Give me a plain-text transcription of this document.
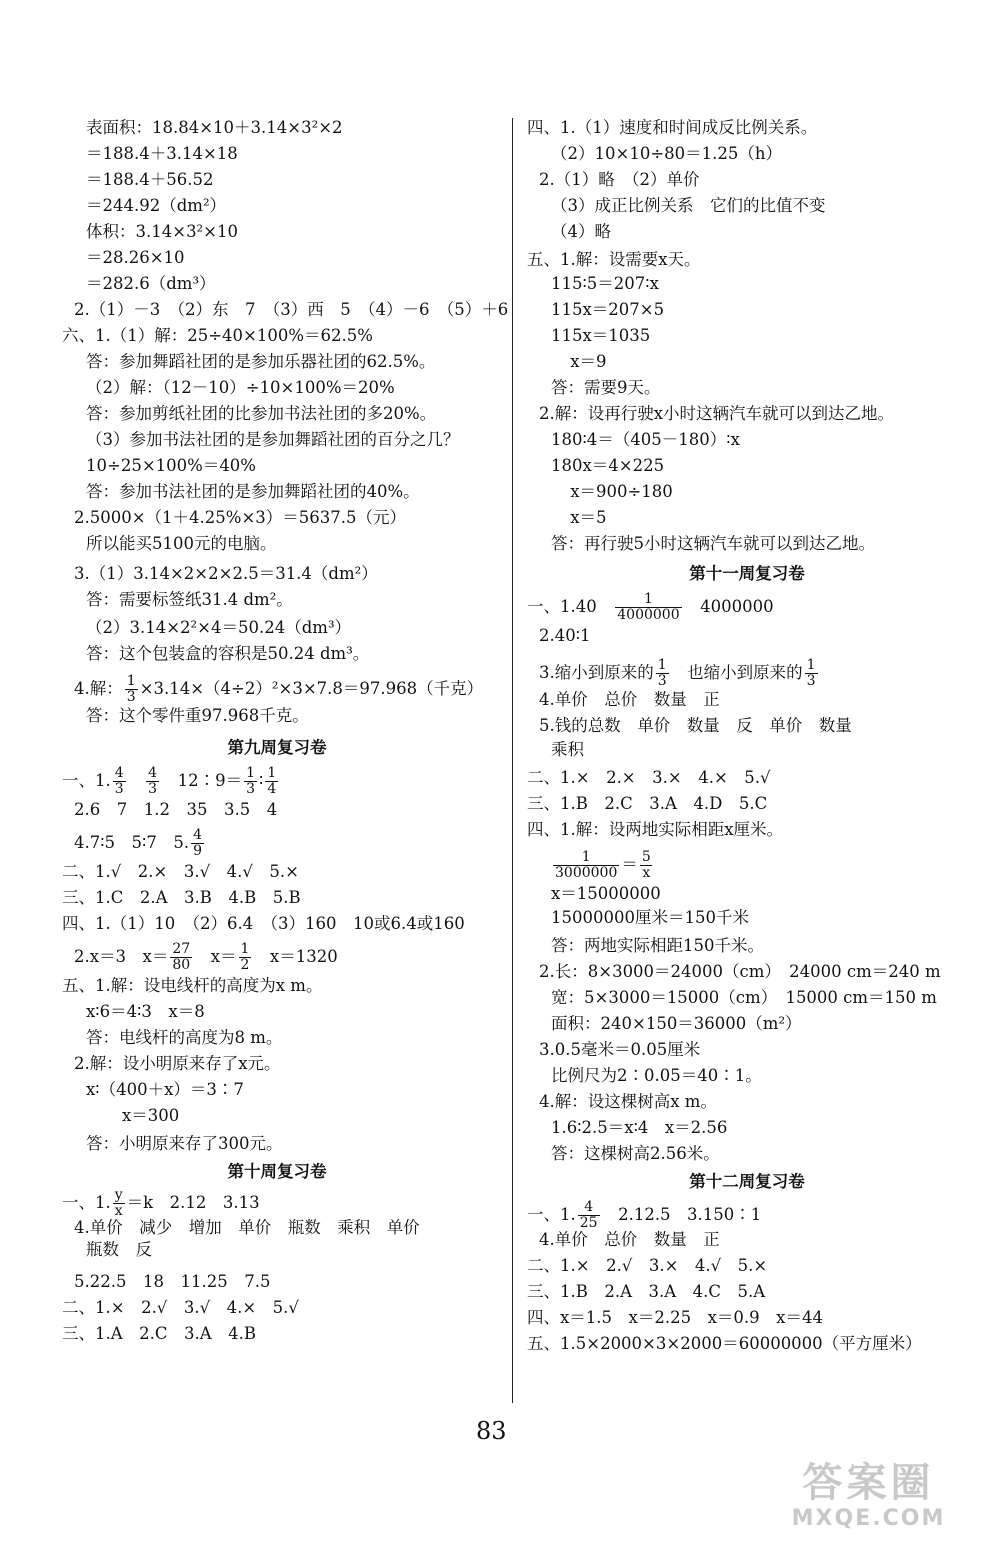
表面积：18.84×10＋3.14×3²×2
＝188.4＋3.14×18
＝188.4＋56.52
＝244.92（dm²）
体积：3.14×3²×10
＝28.26×10
＝282.6（dm³）
2.（1）－3　（2）东　7　（3）西　5　（4）－6　（5）＋6
六、1.（1）解：25÷40×100%＝62.5%
答：参加舞蹈社团的是参加乐器社团的62.5%。
（2）解：（12－10）÷10×100%＝20%
答：参加剪纸社团的比参加书法社团的多20%。
（3）参加书法社团的是参加舞蹈社团的百分之几？
10÷25×100%＝40%
答：参加书法社团的是参加舞蹈社团的40%。
2.5000×（1＋4.25%×3）＝5637.5（元）
所以能买5100元的电脑。
3.（1）3.14×2×2×2.5＝31.4（dm²）
答：需要标签纸31.4 dm²。
（2）3.14×2²×4＝50.24（dm³）
答：这个包装盒的容积是50.24 dm³。
4.解： $\frac{1}{3} \times 3.14\times(4\div 2)^2\times 3\times 7.8=97.968$（千克）
答：这个零件重97.968千克。
第九周复习卷
一、1. $\frac{4}{3}$
　 $\frac{4}{3}$ 　12∶9＝ $\frac{1}{3}$ ∶ $\frac{1}{4}$
2.6　7　1.2　35　3.5　4
4.7∶5　5∶7　5. $\frac{4}{9}$
二、1.√　2.×　3.√　4.√　5.×
三、1.C　2.A　3.B　4.B　5.B
四、1.（1）10　（2）6.4　（3）160　10或6.4或160
2.x＝3　$x= \frac{27}{80}$ 　$x= \frac{1}{2}$ 　x＝1320
五、1.解：设电线杆的高度为x m。
x∶6＝4∶3　x＝8
答：电线杆的高度为8 m。
2.解：设小明原来存了x元。
x∶（400＋x）＝3∶7
x＝300
答：小明原来存了300元。
第十周复习卷
一、1. $\frac{y}{x} =k$　2.12　3.13
4.单价　减少　增加　单价　瓶数　乘积　单价
瓶数　反
5.22.5　18　11.25　7.5
二、1.×　2.√　3.√　4.×　5.√
三、1.A　2.C　3.A　4.B
四、1.（1）速度和时间成反比例关系。
（2）10×10÷80＝1.25（h）
2.（1）略　（2）单价
（3）成正比例关系　它们的比值不变
（4）略
五、1.解：设需要x天。
115∶5＝207∶x
115x＝207×5
115x＝1035
x＝9
答：需要9天。
2.解：设再行驶x小时这辆汽车就可以到达乙地。
180∶4＝（405－180）∶x
180x＝4×225
x＝900÷180
x＝5
答：再行驶5小时这辆汽车就可以到达乙地。
第十一周复习卷
一、1.40　 $\frac{1}{4000000}$ 　4000000
2.40∶1
3.缩小到原来的 $\frac{1}{3}$ 　也缩小到原来的 $\frac{1}{3}$
4.单价　总价　数量　正
5.钱的总数　单价　数量　反　单价　数量
乘积
二、1.×　2.×　3.×　4.×　5.√
三、1.B　2.C　3.A　4.D　5.C
四、1.解：设两地实际相距x厘米。
$\frac{1}{3000000} = \frac{5}{x}$
x＝15000000
15000000厘米＝150千米
答：两地实际相距150千米。
2.长：8×3000＝24000（cm）　24000 cm＝240 m
宽：5×3000＝15000（cm）　15000 cm＝150 m
面积：240×150＝36000（m²）
3.0.5毫米＝0.05厘米
比例尺为2∶0.05＝40∶1。
4.解：设这棵树高x m。
1.6∶2.5＝x∶4　x＝2.56
答：这棵树高2.56米。
第十二周复习卷
一、1. $\frac{4}{25}$ 　2.12.5　3.150∶1
4.单价　总价　数量　正
二、1.×　2.√　3.×　4.√　5.×
三、1.B　2.A　3.A　4.C　5.A
四、x＝1.5　x＝2.25　x＝0.9　x＝44
五、1.5×2000×3×2000＝60000000（平方厘米）
83
答案圈
MXQE.COM
